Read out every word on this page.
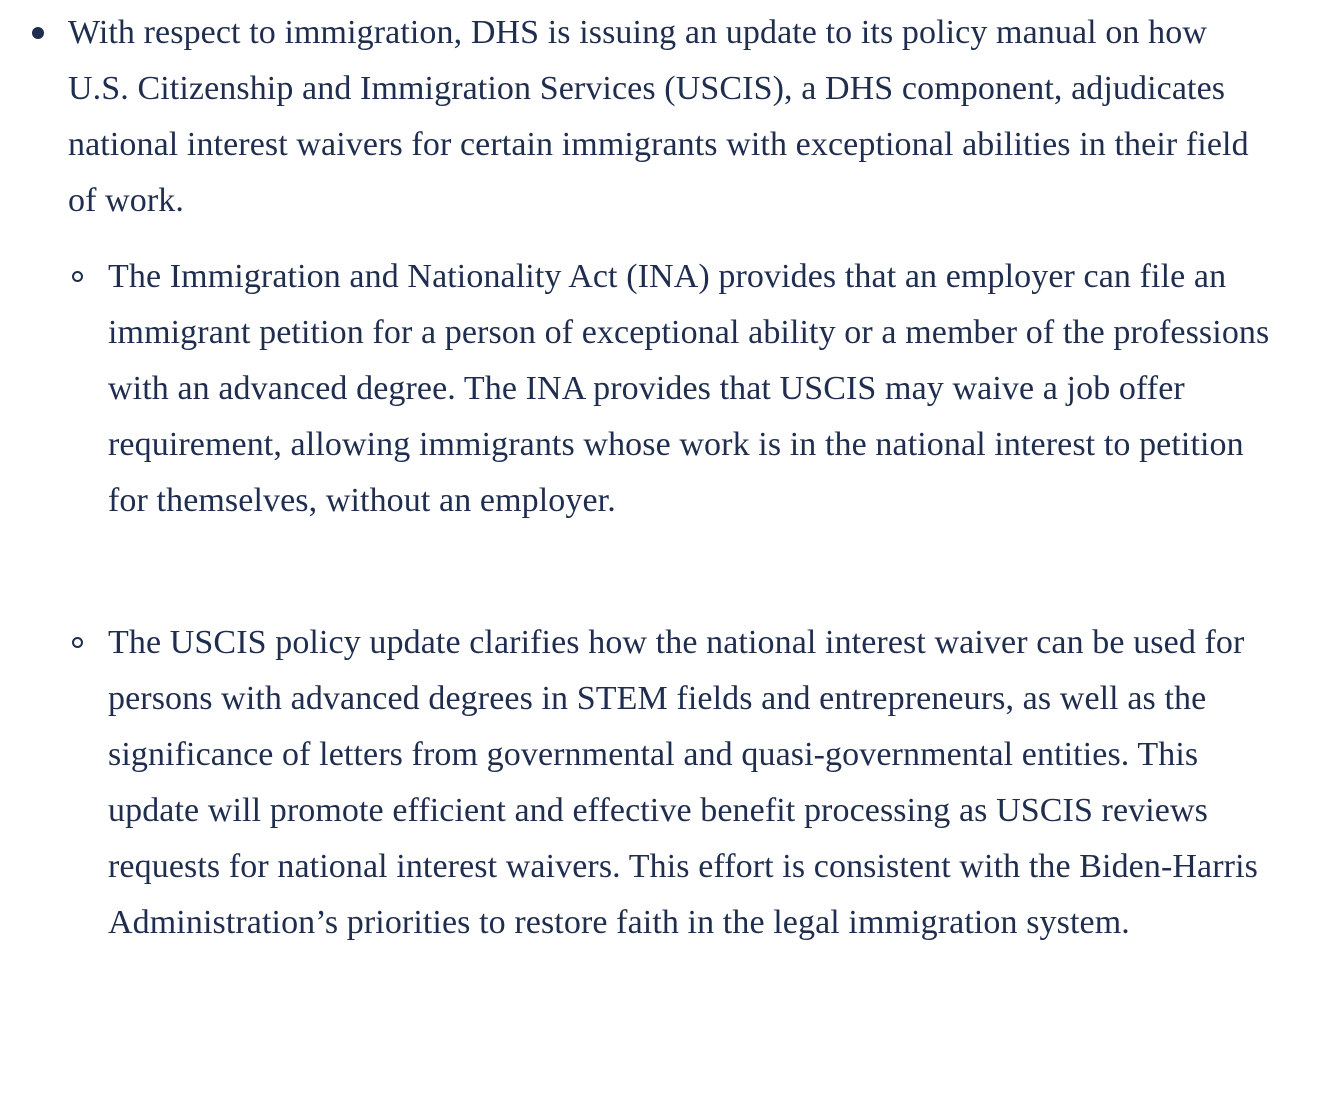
With respect to immigration, DHS is issuing an update to its policy manual on how U.S. Citizenship and Immigration Services (USCIS), a DHS component, adjudicates national interest waivers for certain immigrants with exceptional abilities in their field of work.

The Immigration and Nationality Act (INA) provides that an employer can file an immigrant petition for a person of exceptional ability or a member of the professions with an advanced degree. The INA provides that USCIS may waive a job offer requirement, allowing immigrants whose work is in the national interest to petition for themselves, without an employer.

The USCIS policy update clarifies how the national interest waiver can be used for persons with advanced degrees in STEM fields and entrepreneurs, as well as the significance of letters from governmental and quasi-governmental entities. This update will promote efficient and effective benefit processing as USCIS reviews requests for national interest waivers. This effort is consistent with the Biden-Harris Administration’s priorities to restore faith in the legal immigration system.
